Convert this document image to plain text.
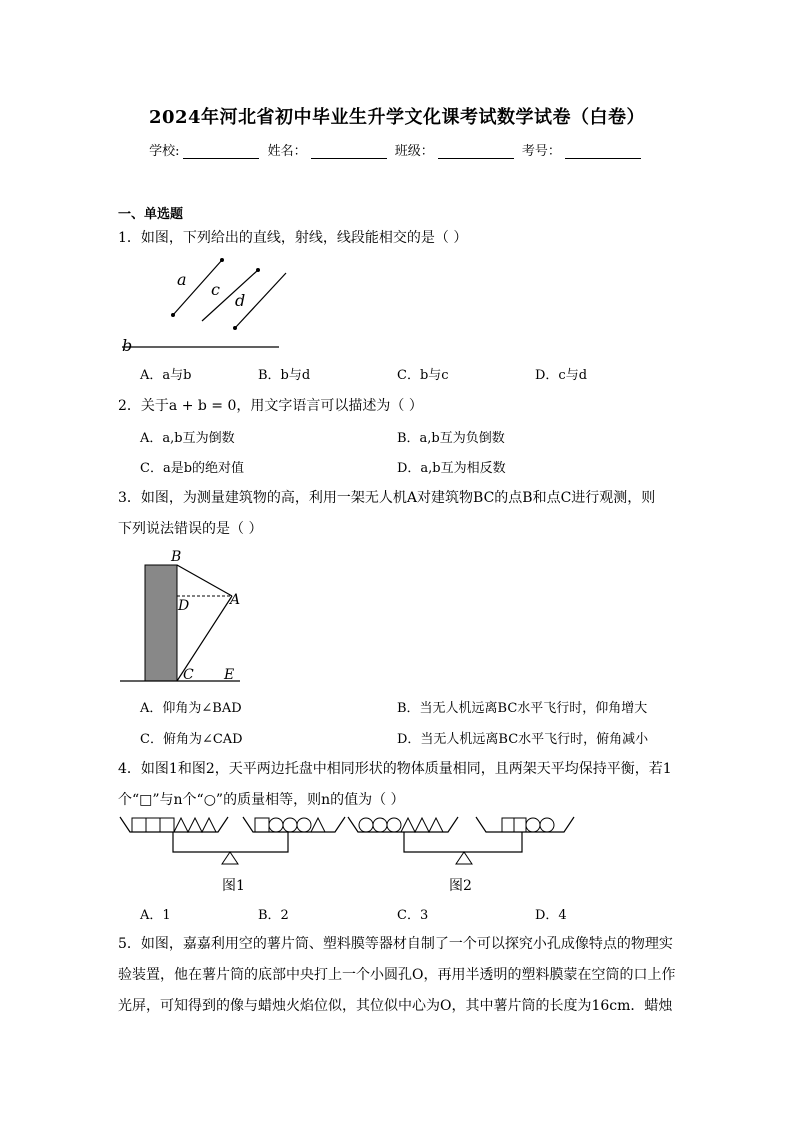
2024年河北省初中毕业生升学文化课考试数学试卷（白卷）
学校:	姓名：	班级：	考号：
一、单选题
1．如图，下列给出的直线，射线，线段能相交的是（ ）
a
c
d
b
A．a与b	B．b与d	C．b与c	D．c与d
2．关于a + b = 0，用文字语言可以描述为（ ）
A．a,b互为倒数	B．a,b互为负倒数
C．a是b的绝对值	D．a,b互为相反数
3．如图，为测量建筑物的高，利用一架无人机A对建筑物BC的点B和点C进行观测，则
下列说法错误的是（ ）
B
D	A
C E
A．仰角为∠BAD	B．当无人机远离BC水平飞行时，仰角增大
C．俯角为∠CAD	D．当无人机远离BC水平飞行时，俯角减小
4．如图1和图2，天平两边托盘中相同形状的物体质量相同，且两架天平均保持平衡，若1
个“□”与n个“○”的质量相等，则n的值为（ ）
图1	图2
A．1	B．2	C．3	D．4
5．如图，嘉嘉利用空的薯片筒、塑料膜等器材自制了一个可以探究小孔成像特点的物理实
验装置，他在薯片筒的底部中央打上一个小圆孔O，再用半透明的塑料膜蒙在空筒的口上作
光屏，可知得到的像与蜡烛火焰位似，其位似中心为O，其中薯片筒的长度为16cm．蜡烛
